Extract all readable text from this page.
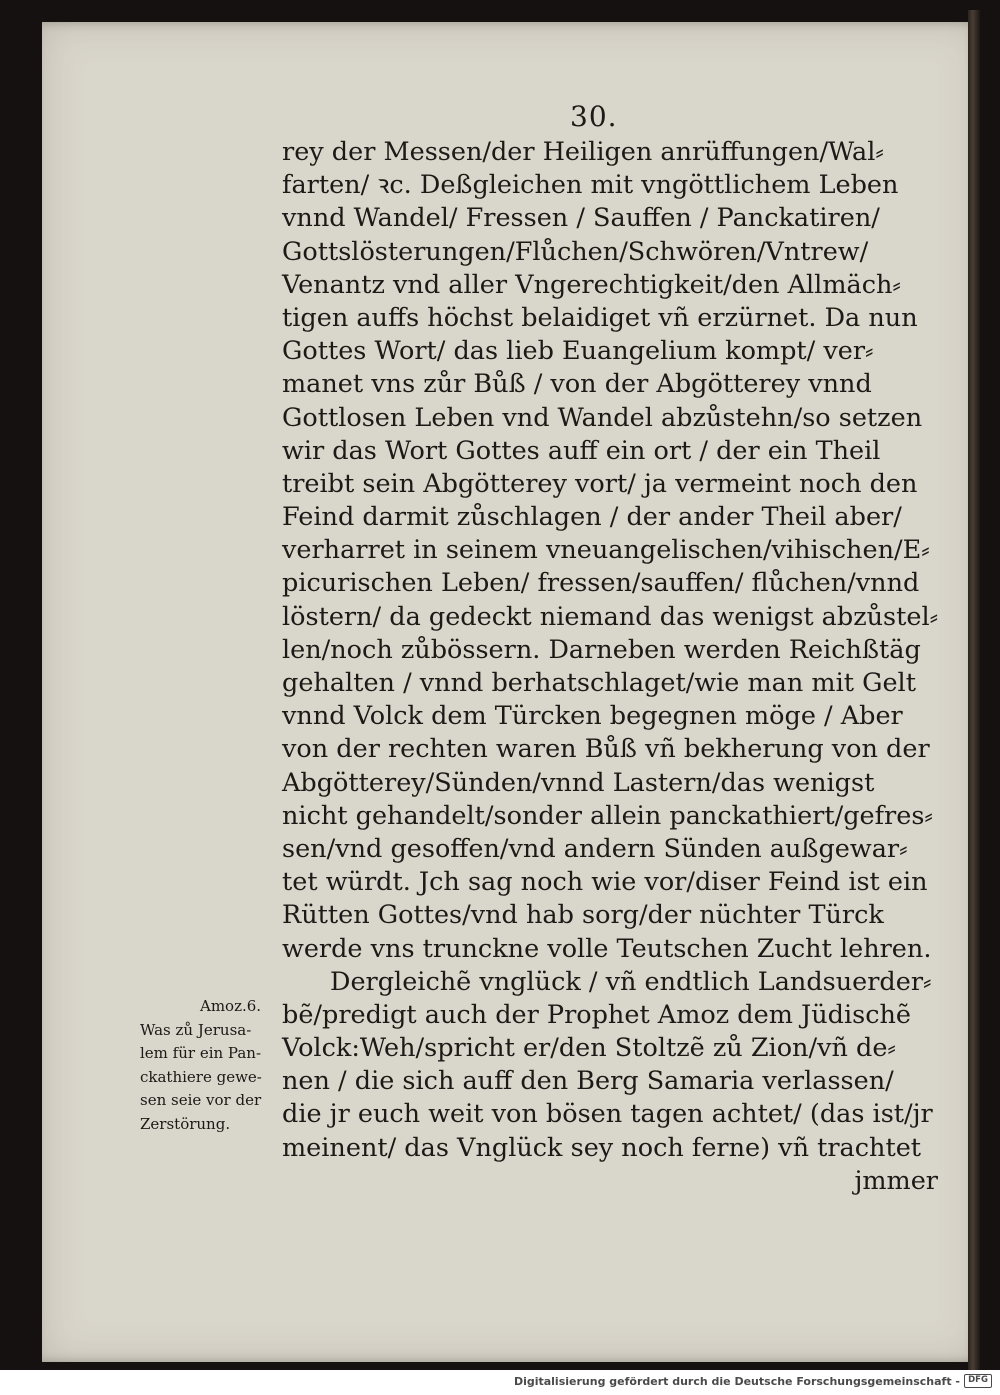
30.
rey der Messen/der Heiligen anrüffungen/Wal⸗
farten/ ꝛc. Deßgleichen mit vngöttlichem Leben
vnnd Wandel/ Fressen / Sauffen / Panckatiren/
Gottslösterungen/Flůchen/Schwören/Vntrew/
Venantz vnd aller Vngerechtigkeit/den Allmäch⸗
tigen auffs höchst belaidiget vñ erzürnet. Da nun
Gottes Wort/ das lieb Euangelium kompt/ ver⸗
manet vns zůr Bůß / von der Abgötterey vnnd
Gottlosen Leben vnd Wandel abzůstehn/so setzen
wir das Wort Gottes auff ein ort / der ein Theil
treibt sein Abgötterey vort/ ja vermeint noch den
Feind darmit zůschlagen / der ander Theil aber/
verharret in seinem vneuangelischen/vihischen/E⸗
picurischen Leben/ fressen/sauffen/ flůchen/vnnd
löstern/ da gedeckt niemand das wenigst abzůstel⸗
len/noch zůbössern. Darneben werden Reichßtäg
gehalten / vnnd berhatschlaget/wie man mit Gelt
vnnd Volck dem Türcken begegnen möge / Aber
von der rechten waren Bůß vñ bekherung von der
Abgötterey/Sünden/vnnd Lastern/das wenigst
nicht gehandelt/sonder allein panckathiert/gefres⸗
sen/vnd gesoffen/vnd andern Sünden außgewar⸗
tet würdt. Jch sag noch wie vor/diser Feind ist ein
Rütten Gottes/vnd hab sorg/der nüchter Türck
werde vns trunckne volle Teutschen Zucht lehren.
Dergleichẽ vnglück / vñ endtlich Landsuerder⸗
bẽ/predigt auch der Prophet Amoz dem Jüdischẽ
Volck:Weh/spricht er/den Stoltzẽ zů Zion/vñ de⸗
nen / die sich auff den Berg Samaria verlassen/
die jr euch weit von bösen tagen achtet/ (das ist/jr
meinent/ das Vnglück sey noch ferne) vñ trachtet
jmmer
Amoz.6.
Was zů Jerusa-
lem für ein Pan-
ckathiere gewe-
sen seie vor der
Zerstörung.
Digitalisierung gefördert durch die Deutsche Forschungsgemeinschaft - DFG
